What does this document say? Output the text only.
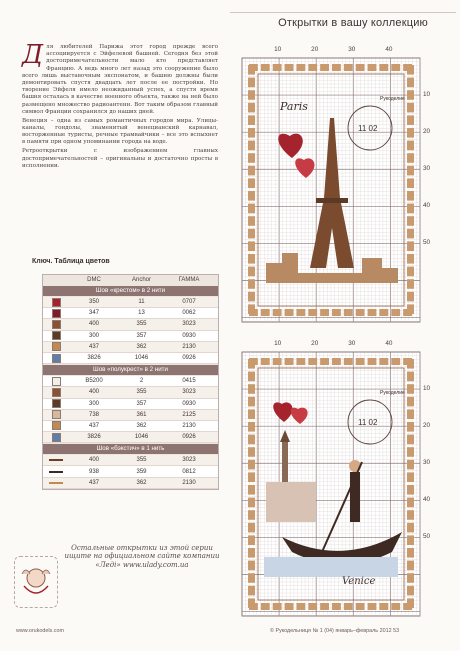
Открытки в вашу коллекцию
Д ля любителей Парижа этот город прежде всего ассоциируется с Эйфелевой башней. Сегодня без этой достопримечательности мало кто представляет Францию. А ведь много лет назад это сооружение было всего лишь выставочным экспонатом, и башню должны были демонтировать спустя двадцать лет после ее постройки. Но творение Эйфеля имело неожиданный успех, а спустя время башня осталась в качестве военного объекта, также на ней было размещено множество радиоантенн. Вот таким образом главный символ Франции сохранился до наших дней.

Венеция – одна из самых романтичных городов мира. Улицы-каналы, гондолы, знаменитый венецианский карнавал, восторженные туристы, речные трамвайчики – все это вспыхнет в памяти при одном упоминании города на воде.

Ретрооткрытки с изображением главных достопримечательностей – оригинальны и достаточно просты в исполнении.

Ключ. Таблица цветов
DMC	Anchor	ГАММА
Шов «крестом» в 2 нити
350	11	0707
347	13	0062
400	355	3023
300	357	0930
437	362	2130
3826	1046	0926
Шов «полукрест» в 2 нити
B5200	2	0415
400	355	3023
300	357	0930
738	361	2125
437	362	2130
3826	1046	0926
Шов «бэкстич» в 1 нить
400	355	3023
938	359	0812
437	362	2130
Остальные открытки из этой серии ищите на официальном сайте компании «Ледi» www.ulady.com.ua
www.orukodels.com	© Рукодельниця № 1 (04) январь–февраль 2012 53
11 02
Рукоделие
Paris
10	20	30	40
10
20
30
40
50
11 02
Рукоделие
Venice
10	20	30	40
10
20
30
40
50
